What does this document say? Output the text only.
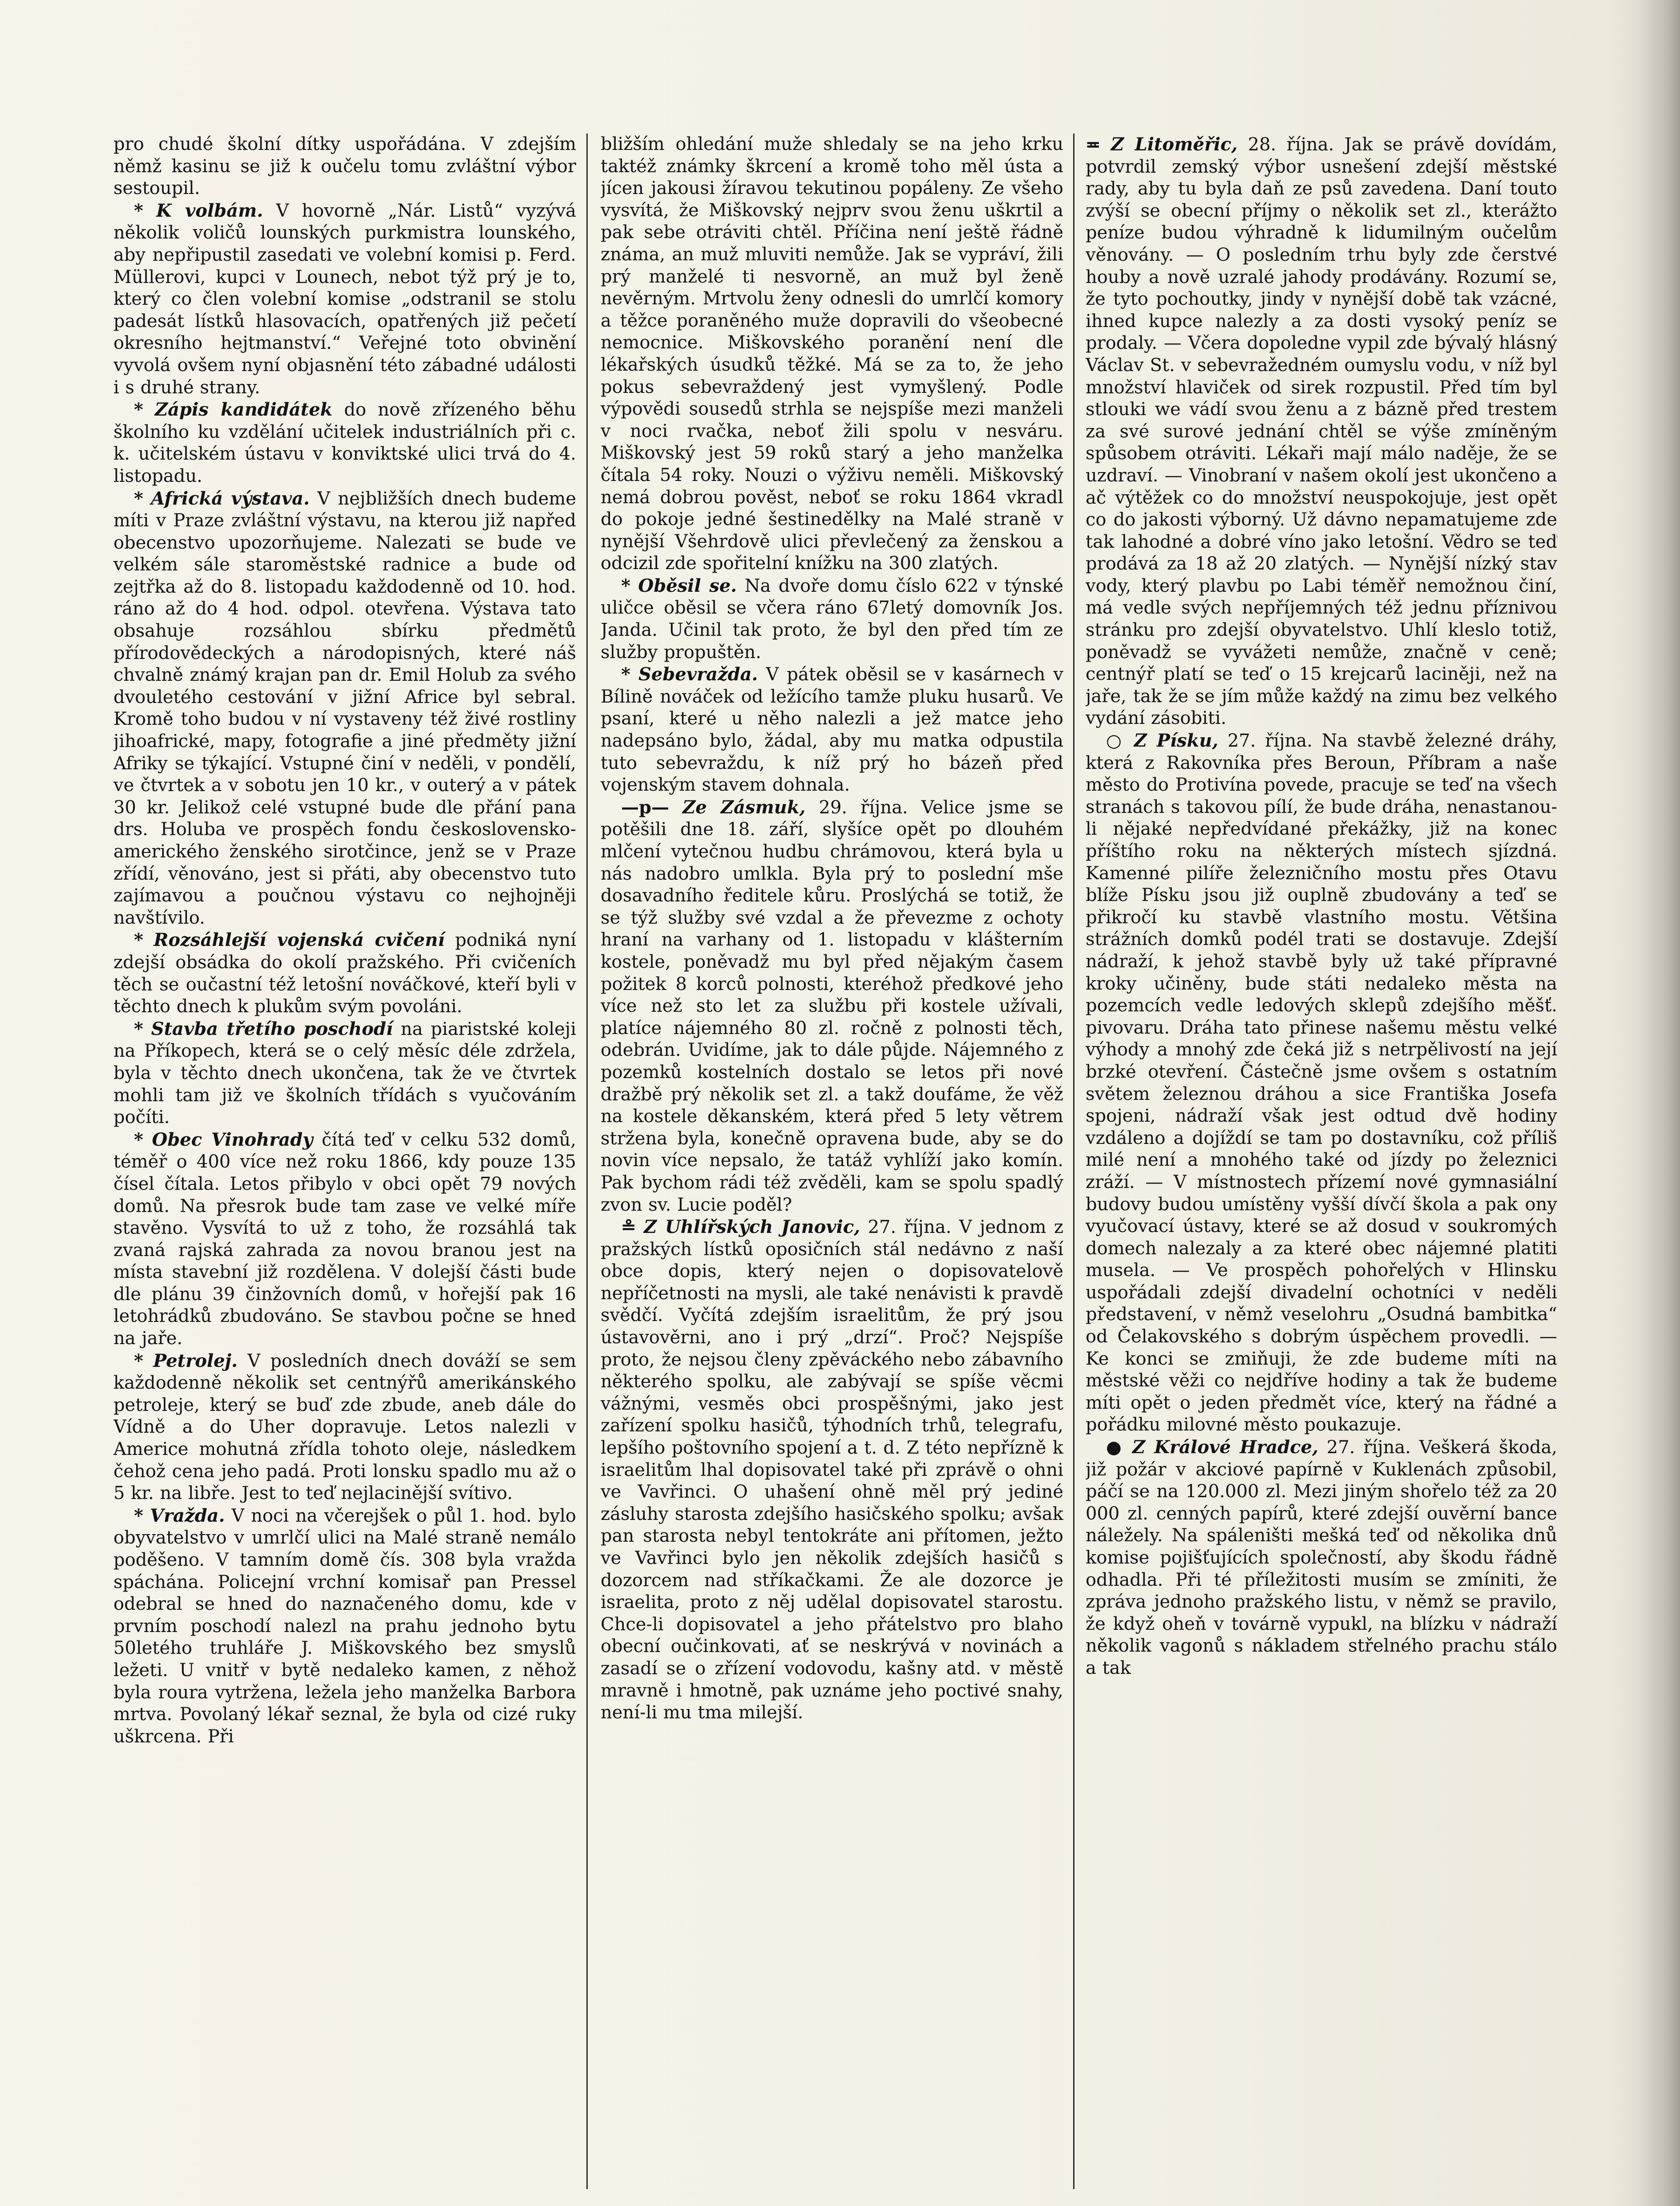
pro chudé školní dítky uspořádána. V zdejším němž kasinu se již k oučelu tomu zvláštní výbor sestoupil.

* K volbám. V hovorně „Nár. Listů“ vyzývá několik voličů lounských purkmistra lounského, aby nepřipustil zasedati ve volební komisi p. Ferd. Müllerovi, kupci v Lounech, nebot týž prý je to, který co člen volební komise „odstranil se stolu padesát lístků hlasovacích, opatřených již pečetí okresního hejtmanství.“ Veřejné toto obvinění vyvolá ovšem nyní objasnění této zábadné události i s druhé strany.

* Zápis kandidátek do nově zřízeného běhu školního ku vzdělání učitelek industriálních při c. k. učitelském ústavu v konviktské ulici trvá do 4. listopadu.

* Africká výstava. V nejbližších dnech budeme míti v Praze zvláštní výstavu, na kterou již napřed obecenstvo upozorňujeme. Nalezati se bude ve velkém sále staroměstské radnice a bude od zejtřka až do 8. listopadu každodenně od 10. hod. ráno až do 4 hod. odpol. otevřena. Výstava tato obsahuje rozsáhlou sbírku předmětů přírodovědeckých a národopisných, které náš chvalně známý krajan pan dr. Emil Holub za svého dvouletého cestování v jižní Africe byl sebral. Kromě toho budou v ní vystaveny též živé rostliny jihoafrické, mapy, fotografie a jiné předměty jižní Afriky se týkající. Vstupné činí v neděli, v pondělí, ve čtvrtek a v sobotu jen 10 kr., v outerý a v pátek 30 kr. Jelikož celé vstupné bude dle přání pana drs. Holuba ve prospěch fondu československo-amerického ženského sirotčince, jenž se v Praze zřídí, věnováno, jest si přáti, aby obecenstvo tuto zajímavou a poučnou výstavu co nejhojněji navštívilo.

* Rozsáhlejší vojenská cvičení podniká nyní zdejší obsádka do okolí pražského. Při cvičeních těch se oučastní též letošní nováčkové, kteří byli v těchto dnech k plukům svým povoláni.

* Stavba třetího poschodí na piaristské koleji na Příkopech, která se o celý měsíc déle zdržela, byla v těchto dnech ukončena, tak že ve čtvrtek mohli tam již ve školních třídách s vyučováním počíti.

* Obec Vinohrady čítá teď v celku 532 domů, téměř o 400 více než roku 1866, kdy pouze 135 čísel čítala. Letos přibylo v obci opět 79 nových domů. Na přesrok bude tam zase ve velké míře stavěno. Vysvítá to už z toho, že rozsáhlá tak zvaná rajská zahrada za novou branou jest na místa stavební již rozdělena. V dolejší části bude dle plánu 39 činžovních domů, v hořejší pak 16 letohrádků zbudováno. Se stavbou počne se hned na jaře.

* Petrolej. V posledních dnech dováží se sem každodenně několik set centnýřů amerikánského petroleje, který se buď zde zbude, aneb dále do Vídně a do Uher dopravuje. Letos nalezli v Americe mohutná zřídla tohoto oleje, následkem čehož cena jeho padá. Proti lonsku spadlo mu až o 5 kr. na libře. Jest to teď nejlacinější svítivo.

* Vražda. V noci na včerejšek o půl 1. hod. bylo obyvatelstvo v umrlčí ulici na Malé straně nemálo poděšeno. V tamním domě čís. 308 byla vražda spáchána. Policejní vrchní komisař pan Pressel odebral se hned do naznačeného domu, kde v prvním poschodí nalezl na prahu jednoho bytu 50letého truhláře J. Miškovského bez smyslů ležeti. U vnitř v bytě nedaleko kamen, z něhož byla roura vytržena, ležela jeho manželka Barbora mrtva. Povolaný lékař seznal, že byla od cizé ruky uškrcena. Při

bližším ohledání muže shledaly se na jeho krku taktéž známky škrcení a kromě toho měl ústa a jícen jakousi žíravou tekutinou popáleny. Ze všeho vysvítá, že Miškovský nejprv svou ženu uškrtil a pak sebe otráviti chtěl. Příčina není ještě řádně známa, an muž mluviti nemůže. Jak se vypráví, žili prý manželé ti nesvorně, an muž byl ženě nevěrným. Mrtvolu ženy odnesli do umrlčí komory a těžce poraněného muže dopravili do všeobecné nemocnice. Miškovského poranění není dle lékařských úsudků těžké. Má se za to, že jeho pokus sebevraždený jest vymyšlený. Podle výpovědi sousedů strhla se nejspíše mezi manželi v noci rvačka, neboť žili spolu v nesváru. Miškovský jest 59 roků starý a jeho manželka čítala 54 roky. Nouzi o výživu neměli. Miškovský nemá dobrou pověst, neboť se roku 1864 vkradl do pokoje jedné šestinedělky na Malé straně v nynější Všehrdově ulici převlečený za ženskou a odcizil zde spořitelní knížku na 300 zlatých.

* Oběsil se. Na dvoře domu číslo 622 v týnské uličce oběsil se včera ráno 67letý domovník Jos. Janda. Učinil tak proto, že byl den před tím ze služby propuštěn.

* Sebevražda. V pátek oběsil se v kasárnech v Bílině nováček od ležícího tamže pluku husarů. Ve psaní, které u něho nalezli a jež matce jeho nadepsáno bylo, žádal, aby mu matka odpustila tuto sebevraždu, k níž prý ho bázeň před vojenským stavem dohnala.

—p— Ze Zásmuk, 29. října. Velice jsme se potěšili dne 18. září, slyšíce opět po dlouhém mlčení vytečnou hudbu chrámovou, která byla u nás nadobro umlkla. Byla prý to poslední mše dosavadního ředitele kůru. Proslýchá se totiž, že se týž služby své vzdal a že převezme z ochoty hraní na varhany od 1. listopadu v klášterním kostele, poněvadž mu byl před nějakým časem požitek 8 korců polnosti, kteréhož předkové jeho více než sto let za službu při kostele užívali, platíce nájemného 80 zl. ročně z polnosti těch, odebrán. Uvidíme, jak to dále půjde. Nájemného z pozemků kostelních dostalo se letos při nové dražbě prý několik set zl. a takž doufáme, že věž na kostele děkanském, která před 5 lety větrem stržena byla, konečně opravena bude, aby se do novin více nepsalo, že tatáž vyhlíží jako komín. Pak bychom rádi též zvěděli, kam se spolu spadlý zvon sv. Lucie poděl?

≗ Z Uhlířských Janovic, 27. října. V jednom z pražských lístků oposičních stál nedávno z naší obce dopis, který nejen o dopisovatelově nepříčetnosti na mysli, ale také nenávisti k pravdě svědčí. Vyčítá zdejším israelitům, že prý jsou ústavověrni, ano i prý „drzí“. Proč? Nejspíše proto, že nejsou členy zpěváckého nebo zábavního některého spolku, ale zabývají se spíše věcmi vážnými, vesměs obci prospěšnými, jako jest zařízení spolku hasičů, týhodních trhů, telegrafu, lepšího poštovního spojení a t. d. Z této nepřízně k israelitům lhal dopisovatel také při zprávě o ohni ve Vavřinci. O uhašení ohně měl prý jediné zásluhy starosta zdejšího hasičského spolku; avšak pan starosta nebyl tentokráte ani přítomen, ježto ve Vavřinci bylo jen několik zdejších hasičů s dozorcem nad stříkačkami. Že ale dozorce je israelita, proto z něj udělal dopisovatel starostu. Chce-li dopisovatel a jeho přátelstvo pro blaho obecní oučinkovati, ať se neskrývá v novinách a zasadí se o zřízení vodovodu, kašny atd. v městě mravně i hmotně, pak uznáme jeho poctivé snahy, není-li mu tma milejší.

≖ Z Litoměřic, 28. října. Jak se právě dovídám, potvrdil zemský výbor usnešení zdejší městské rady, aby tu byla daň ze psů zavedena. Daní touto zvýší se obecní příjmy o několik set zl., kterážto peníze budou výhradně k lidumilným oučelům věnovány. — O posledním trhu byly zde čerstvé houby a nově uzralé jahody prodávány. Rozumí se, že tyto pochoutky, jindy v nynější době tak vzácné, ihned kupce nalezly a za dosti vysoký peníz se prodaly. — Včera dopoledne vypil zde bývalý hlásný Václav St. v sebevražedném oumyslu vodu, v níž byl množství hlaviček od sirek rozpustil. Před tím byl stlouki we vádí svou ženu a z bázně před trestem za své surové jednání chtěl se výše zmíněným spůsobem otráviti. Lékaři mají málo naděje, že se uzdraví. — Vinobraní v našem okolí jest ukončeno a ač výtěžek co do množství neuspokojuje, jest opět co do jakosti výborný. Už dávno nepamatujeme zde tak lahodné a dobré víno jako letošní. Vědro se teď prodává za 18 až 20 zlatých. — Nynější nízký stav vody, který plavbu po Labi téměř nemožnou činí, má vedle svých nepříjemných též jednu příznivou stránku pro zdejší obyvatelstvo. Uhlí kleslo totiž, poněvadž se vyvážeti nemůže, značně v ceně; centnýř platí se teď o 15 krejcarů laciněji, než na jaře, tak že se jím může každý na zimu bez velkého vydání zásobiti.

○ Z Písku, 27. října. Na stavbě železné dráhy, která z Rakovníka přes Beroun, Příbram a naše město do Protivína povede, pracuje se teď na všech stranách s takovou pílí, že bude dráha, nenastanou-li nějaké nepředvídané překážky, již na konec příštího roku na některých místech sjízdná. Kamenné pilíře železničního mostu přes Otavu blíže Písku jsou již ouplně zbudovány a teď se přikročí ku stavbě vlastního mostu. Většina strážních domků podél trati se dostavuje. Zdejší nádraží, k jehož stavbě byly už také přípravné kroky učiněny, bude státi nedaleko města na pozemcích vedle ledových sklepů zdejšího měšť. pivovaru. Dráha tato přinese našemu městu velké výhody a mnohý zde čeká již s netrpělivostí na její brzké otevření. Částečně jsme ovšem s ostatním světem železnou dráhou a sice Františka Josefa spojeni, nádraží však jest odtud dvě hodiny vzdáleno a dojíždí se tam po dostavníku, což příliš milé není a mnohého také od jízdy po železnici zráží. — V místnostech přízemí nové gymnasiální budovy budou umístěny vyšší dívčí škola a pak ony vyučovací ústavy, které se až dosud v soukromých domech nalezaly a za které obec nájemné platiti musela. — Ve prospěch pohořelých v Hlinsku uspořádali zdejší divadelní ochotníci v neděli představení, v němž veselohru „Osudná bambitka“ od Čelakovského s dobrým úspěchem provedli. — Ke konci se zmiňuji, že zde budeme míti na městské věži co nejdříve hodiny a tak že budeme míti opět o jeden předmět více, který na řádné a pořádku milovné město poukazuje.

● Z Králové Hradce, 27. října. Veškerá škoda, již požár v akciové papírně v Kuklenách způsobil, páčí se na 120.000 zl. Mezi jiným shořelo též za 20 000 zl. cenných papírů, které zdejší ouvěrní bance náležely. Na spáleništi mešká teď od několika dnů komise pojišťujících společností, aby škodu řádně odhadla. Při té příležitosti musím se zmíniti, že zpráva jednoho pražského listu, v němž se pravilo, že když oheň v továrně vypukl, na blízku v nádraží několik vagonů s nákladem střelného prachu stálo a tak
